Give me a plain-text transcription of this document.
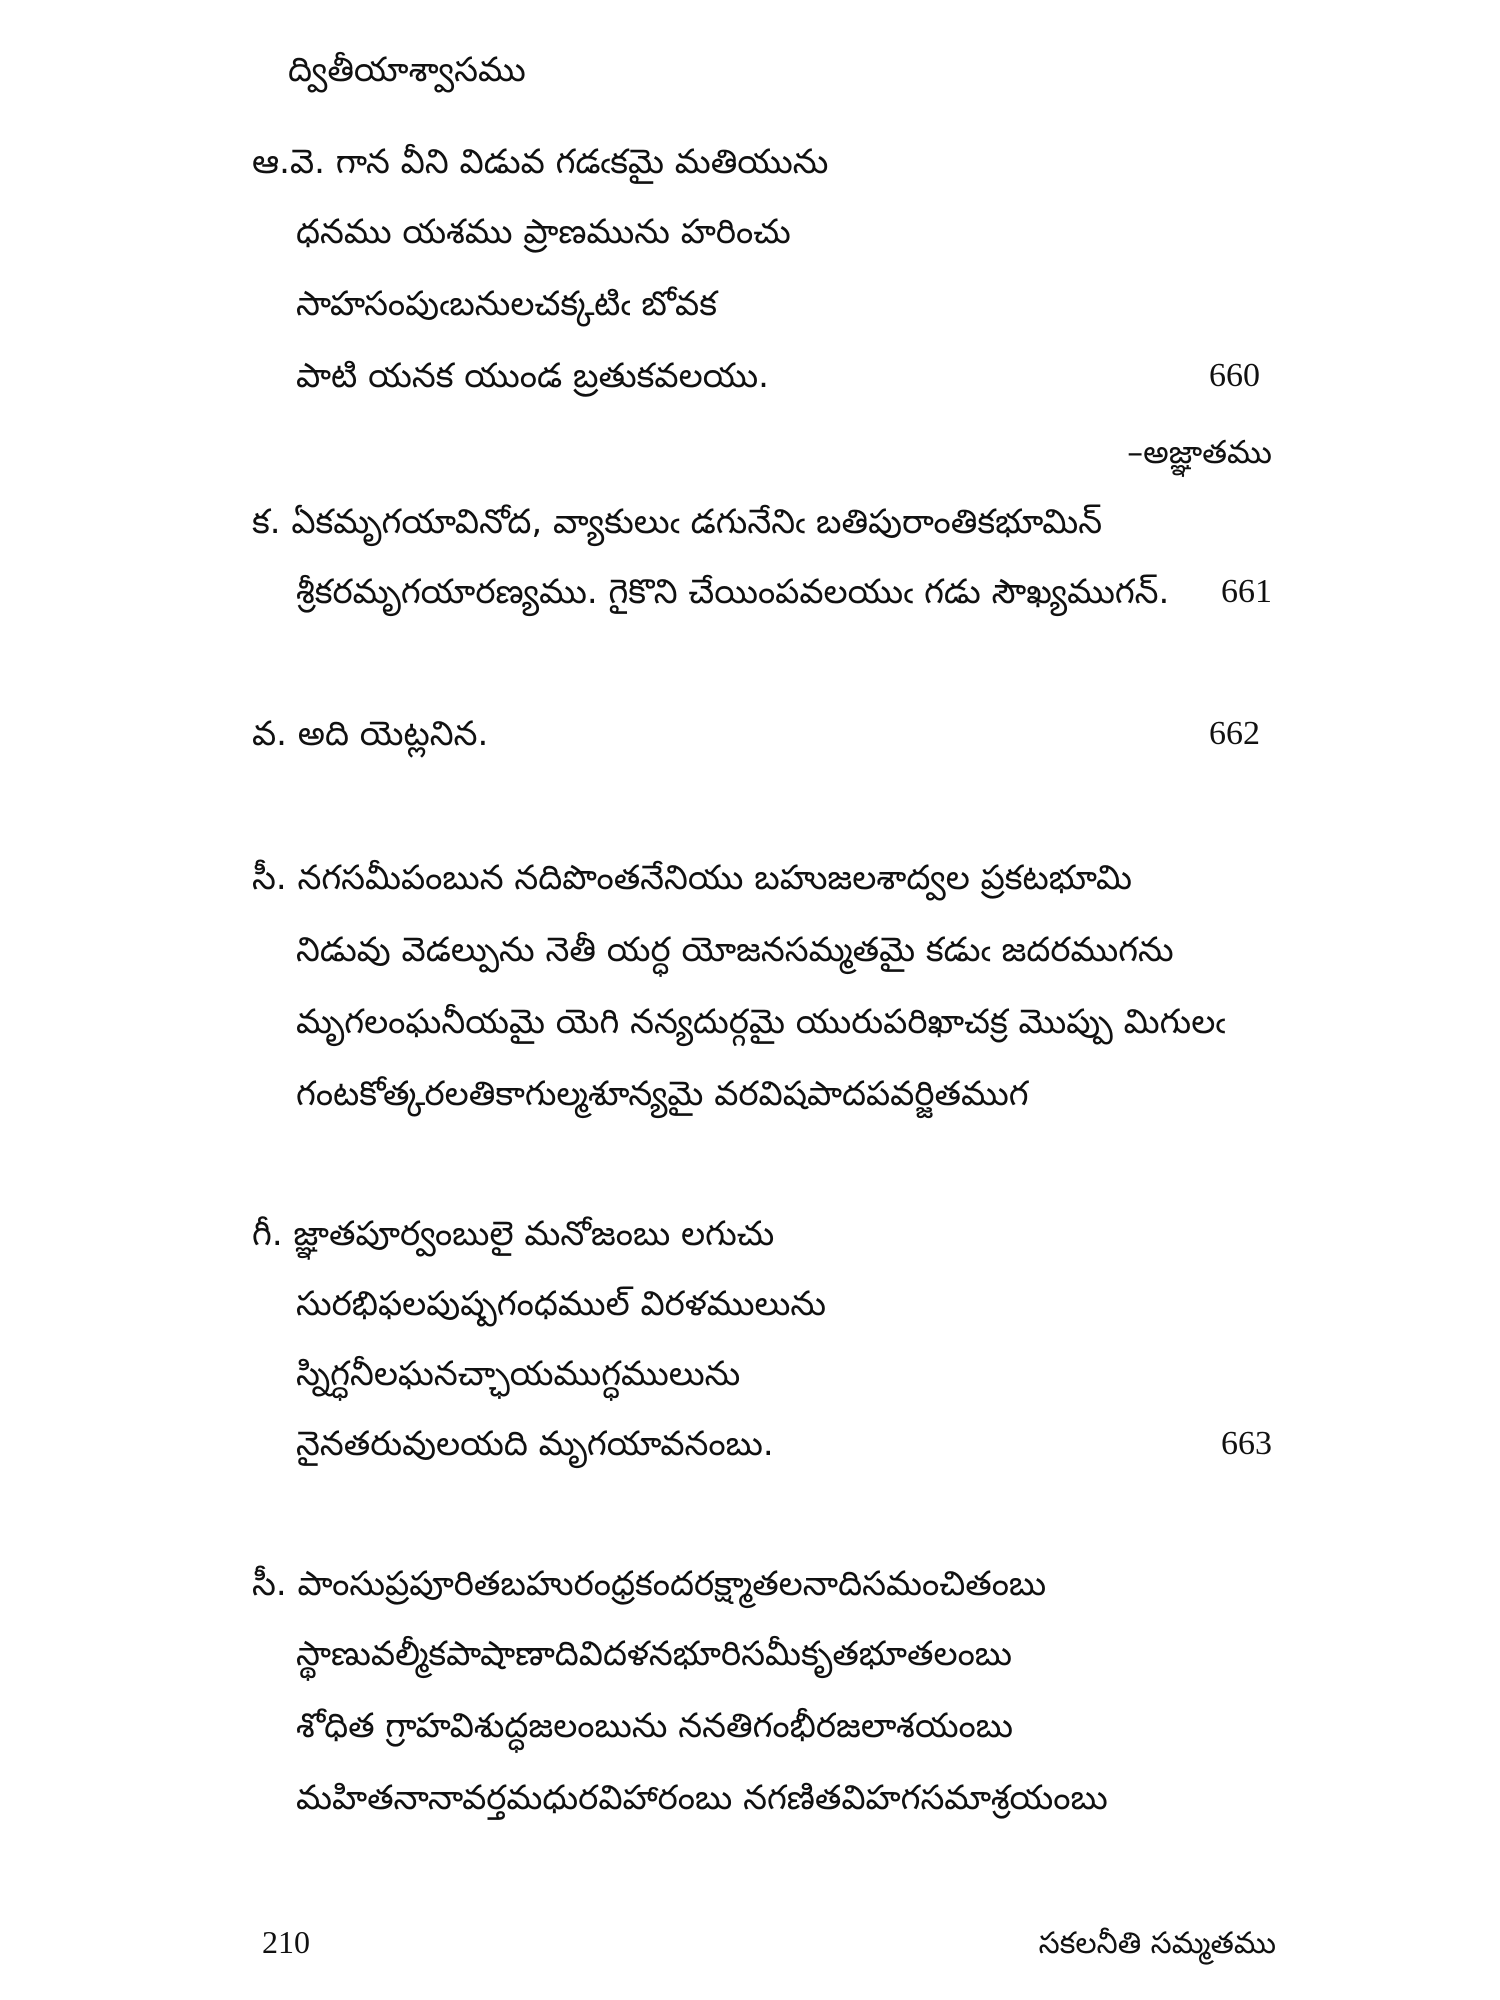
ద్వితీయాశ్వాసము
ఆ.వె. గాన వీని విడువ గడఁకమై మతియును
ధనము యశము ప్రాణమును హరించు
సాహసంపుఁబనులచక్కటిఁ బోవక
పాటి యనక యుండ బ్రతుకవలయు.	660
–అజ్ఞాతము
క. ఏకమృగయావినోద, వ్యాకులుఁ డగునేనిఁ బతిపురాంతికభూమిన్
శ్రీకరమృగయారణ్యము. గైకొని చేయింపవలయుఁ గడు సౌఖ్యముగన్.	661
వ. అది యెట్లనిన.	662
సీ. నగసమీపంబున నదిపొంతనేనియు బహుజలశాద్వల ప్రకటభూమి
నిడువు వెడల్పును నెతీ యర్ధ యోజనసమ్మతమై కడుఁ జదరముగను
మృగలంఘనీయమై యెగి నన్యదుర్గమై యురుపరిఖాచక్ర మొప్పు మిగులఁ
గంటకోత్కరలతికాగుల్మశూన్యమై వరవిషపాదపవర్జితముగ
గీ. జ్ఞాతపూర్వంబులై మనోజంబు లగుచు
సురభిఫలపుష్పగంధముల్ విరళములును
స్నిగ్ధనీలఘనచ్ఛాయముగ్ధములును
నైనతరువులయది మృగయావనంబు.	663
సీ. పాంసుప్రపూరితబహురంధ్రకందరక్ష్మాతలనాదిసమంచితంబు
స్థాణువల్మీకపాషాణాదివిదళనభూరిసమీకృతభూతలంబు
శోధిత గ్రాహవిశుద్ధజలంబును ననతిగంభీరజలాశయంబు
మహితనానావర్తమధురవిహారంబు నగణితవిహగసమాశ్రయంబు
210	సకలనీతి సమ్మతము
